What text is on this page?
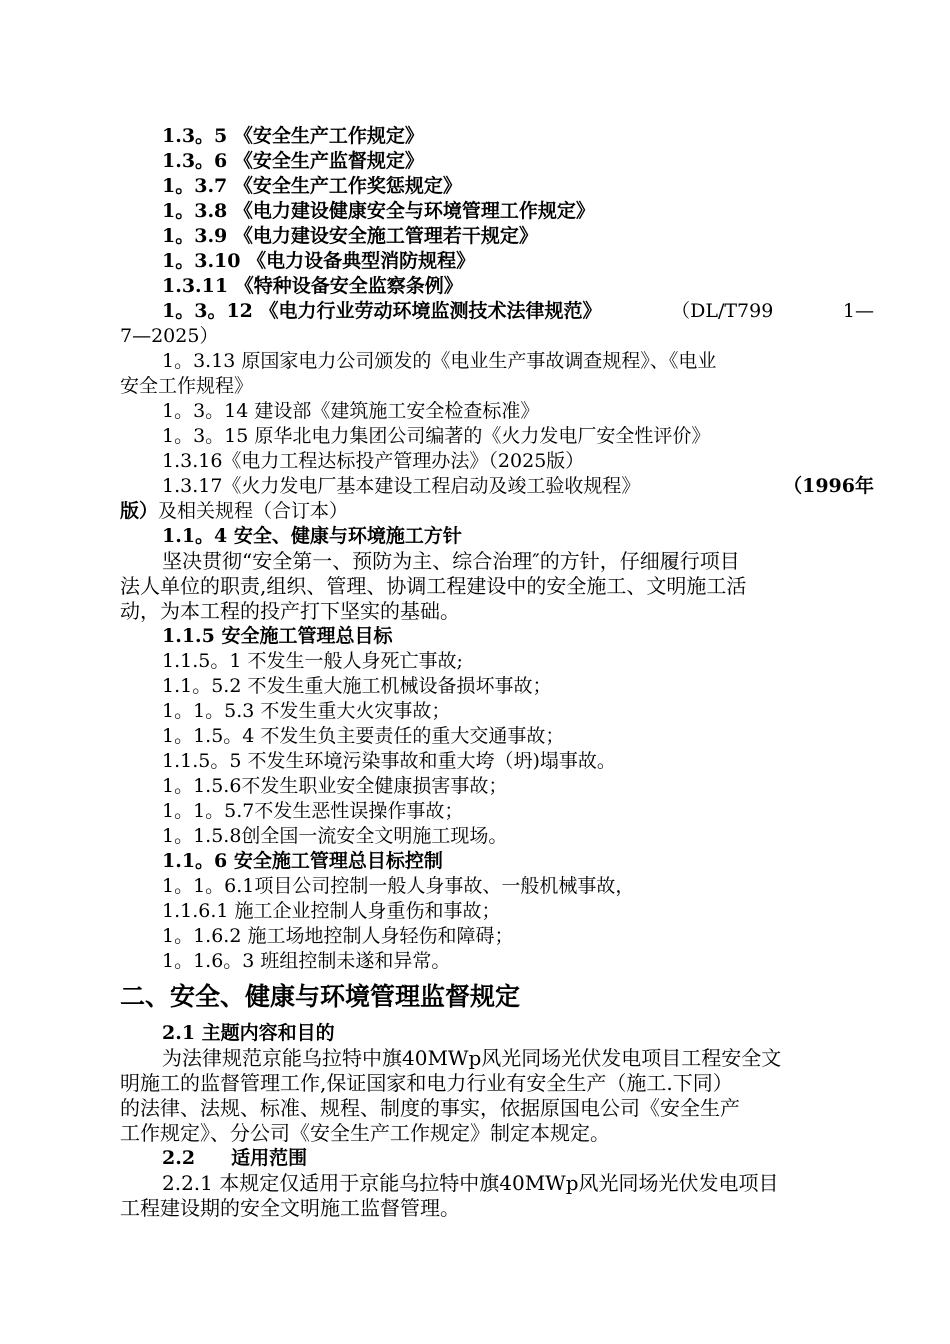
1.3。5 《安全生产工作规定》
1.3。6 《安全生产监督规定》
1。3.7 《安全生产工作奖惩规定》
1。3.8 《电力建设健康安全与环境管理工作规定》
1。3.9 《电力建设安全施工管理若干规定》
1。3.10 《电力设备典型消防规程》
1.3.11 《特种设备安全监察条例》
1。3。12 《电力行业劳动环境监测技术法律规范》	（DL/T799	1—
7—2025）
1。3.13 原国家电力公司颁发的《电业生产事故调查规程》、《电业
安全工作规程》
1。3。14 建设部《建筑施工安全检查标准》
1。3。15 原华北电力集团公司编著的《火力发电厂安全性评价》
1.3.16《电力工程达标投产管理办法》（2025版）
1.3.17《火力发电厂基本建设工程启动及竣工验收规程》	（1996年
版）及相关规程（合订本）
1.1。4 安全、健康与环境施工方针
坚决贯彻“安全第一、预防为主、综合治理″的方针，仔细履行项目
法人单位的职责,组织、管理、协调工程建设中的安全施工、文明施工活
动，为本工程的投产打下坚实的基础。
1.1.5 安全施工管理总目标
1.1.5。1 不发生一般人身死亡事故;
1.1。5.2 不发生重大施工机械设备损坏事故；
1。1。5.3 不发生重大火灾事故；
1。1.5。4 不发生负主要责任的重大交通事故；
1.1.5。5 不发生环境污染事故和重大垮（坍)塌事故。
1。1.5.6不发生职业安全健康损害事故；
1。1。5.7不发生恶性误操作事故；
1。1.5.8创全国一流安全文明施工现场。
1.1。6 安全施工管理总目标控制
1。1。6.1项目公司控制一般人身事故、一般机械事故，
1.1.6.1 施工企业控制人身重伤和事故；
1。1.6.2 施工场地控制人身轻伤和障碍；
1。1.6。3 班组控制未遂和异常。
二、安全、健康与环境管理监督规定
2.1 主题内容和目的
为法律规范京能乌拉特中旗40MWp风光同场光伏发电项目工程安全文
明施工的监督管理工作,保证国家和电力行业有安全生产（施工.下同）
的法律、法规、标准、规程、制度的事实，依据原国电公司《安全生产
工作规定》、分公司《安全生产工作规定》制定本规定。
2.2 适用范围
2.2.1 本规定仅适用于京能乌拉特中旗40MWp风光同场光伏发电项目
工程建设期的安全文明施工监督管理。
